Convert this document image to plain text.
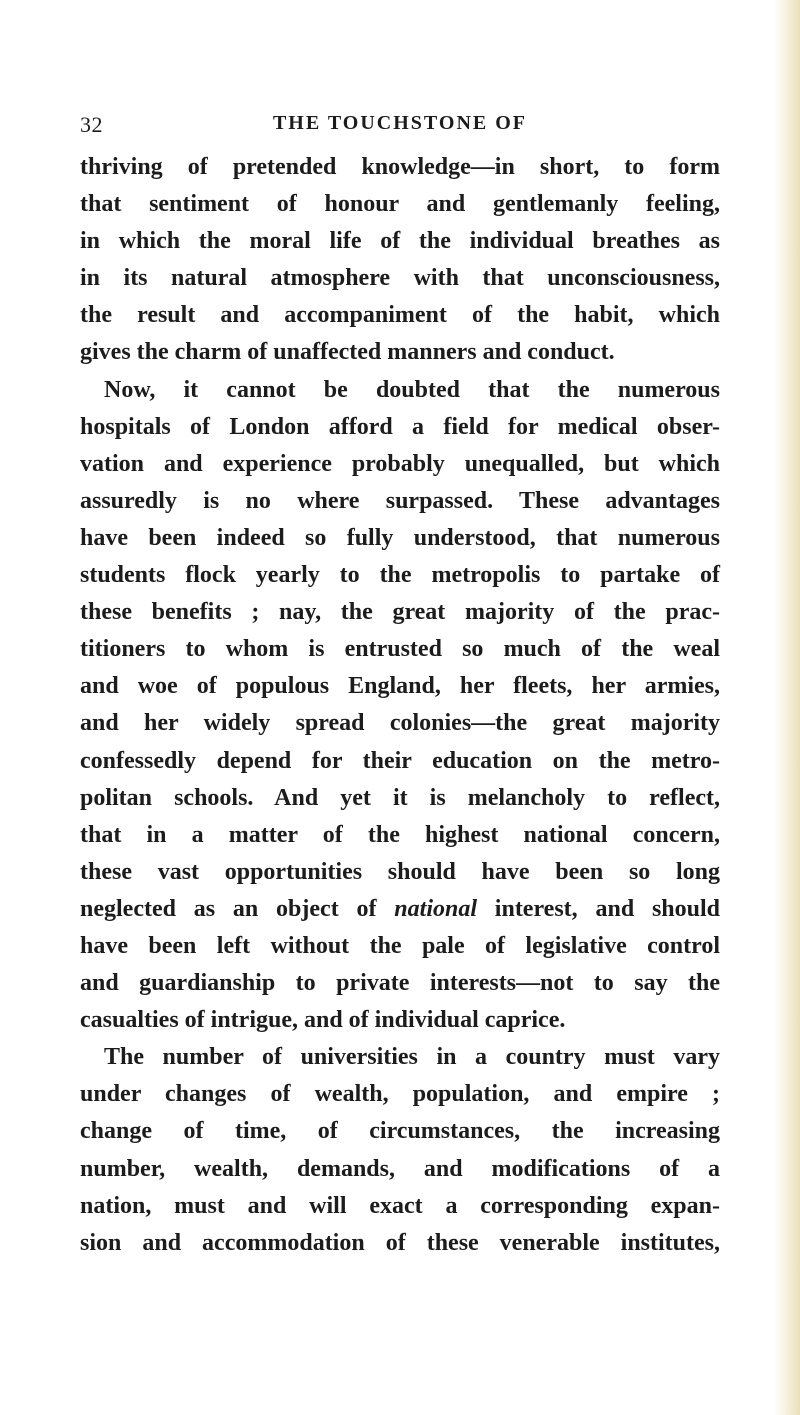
32	THE TOUCHSTONE OF
thriving of pretended knowledge—in short, to form
that sentiment of honour and gentlemanly feeling,
in which the moral life of the individual breathes as
in its natural atmosphere with that unconsciousness,
the result and accompaniment of the habit, which
gives the charm of unaffected manners and conduct.
Now, it cannot be doubted that the numerous
hospitals of London afford a field for medical obser-
vation and experience probably unequalled, but which
assuredly is no where surpassed. These advantages
have been indeed so fully understood, that numerous
students flock yearly to the metropolis to partake of
these benefits ; nay, the great majority of the prac-
titioners to whom is entrusted so much of the weal
and woe of populous England, her fleets, her armies,
and her widely spread colonies—the great majority
confessedly depend for their education on the metro-
politan schools. And yet it is melancholy to reflect,
that in a matter of the highest national concern,
these vast opportunities should have been so long
neglected as an object of national interest, and should
have been left without the pale of legislative control
and guardianship to private interests—not to say the
casualties of intrigue, and of individual caprice.
The number of universities in a country must vary
under changes of wealth, population, and empire ;
change of time, of circumstances, the increasing
number, wealth, demands, and modifications of a
nation, must and will exact a corresponding expan-
sion and accommodation of these venerable institutes,
